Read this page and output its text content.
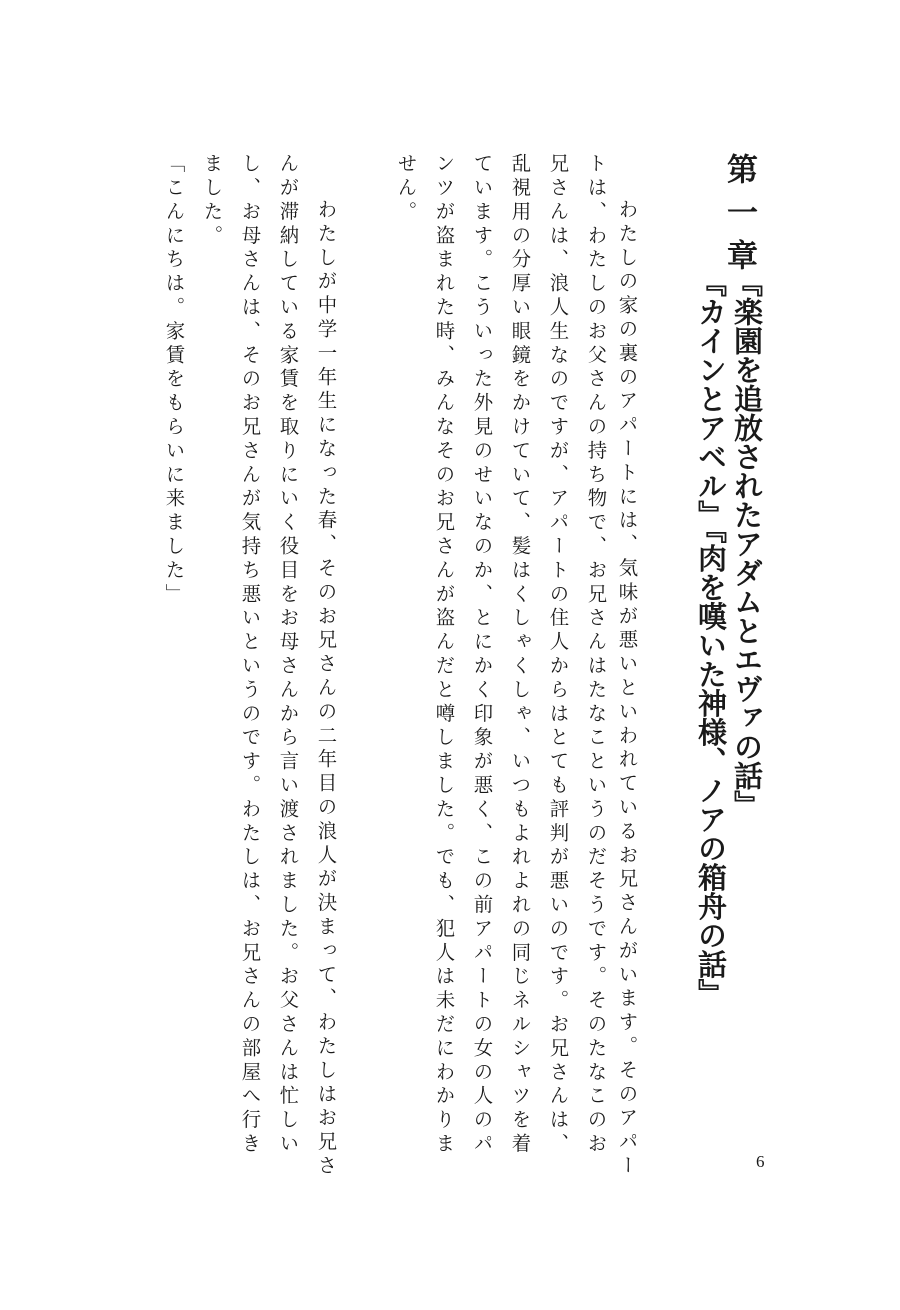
第一章
『楽園を追放されたアダムとエヴァの話』
『カインとアベル』『肉を嘆いた神様、ノアの箱舟の話』
　わたしの家の裏のアパートには、気味が悪いといわれているお兄さんがいます。そのアパー
トは、わたしのお父さんの持ち物で、お兄さんはたなこというのだそうです。そのたなこのお
兄さんは、浪人生なのですが、アパートの住人からはとても評判が悪いのです。お兄さんは、
乱視用の分厚い眼鏡をかけていて、髪はくしゃくしゃ、いつもよれよれの同じネルシャツを着
ています。こういった外見のせいなのか、とにかく印象が悪く、この前アパートの女の人のパ
ンツが盗まれた時、みんなそのお兄さんが盗んだと噂しました。でも、犯人は未だにわかりま
せん。
　わたしが中学一年生になった春、そのお兄さんの二年目の浪人が決まって、わたしはお兄さ
んが滞納している家賃を取りにいく役目をお母さんから言い渡されました。お父さんは忙しい
し、お母さんは、そのお兄さんが気持ち悪いというのです。わたしは、お兄さんの部屋へ行き
ました。
「こんにちは。家賃をもらいに来ました」
6
